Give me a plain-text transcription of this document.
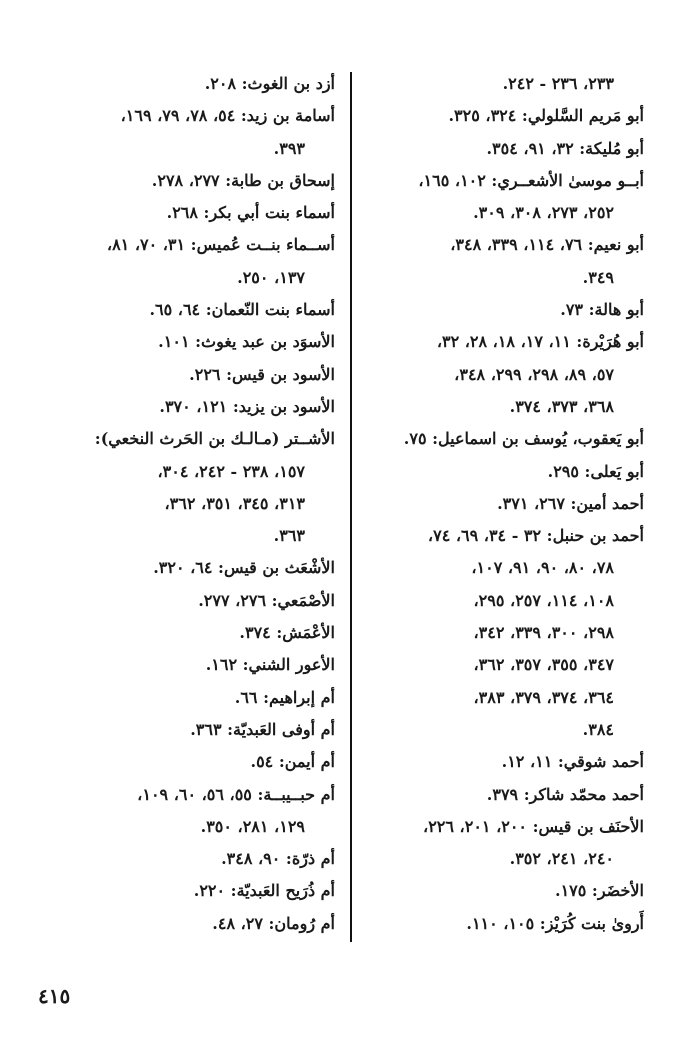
٢٣٣، ٢٣٦ - ٢٤٢.
أبو مَريم السَّلولي: ٣٢٤، ٣٢٥.
أبو مُليكة: ٣٢، ٩١، ٣٥٤.
أبــو موسىٰ الأشعــري: ١٠٢، ١٦٥،
٢٥٢، ٢٧٣، ٣٠٨، ٣٠٩.
أبو نعيم: ٧٦، ١١٤، ٣٣٩، ٣٤٨،
٣٤٩.
أبو هالة: ٧٣.
أبو هُرَيْرة: ١١، ١٧، ١٨، ٢٨، ٣٢،
٥٧، ٨٩، ٢٩٨، ٢٩٩، ٣٤٨،
٣٦٨، ٣٧٣، ٣٧٤.
أبو يَعقوب، يُوسف بن اسماعيل: ٧٥.
أبو يَعلى: ٢٩٥.
أحمد أمين: ٢٦٧، ٣٧١.
أحمد بن حنبل: ٣٢ - ٣٤، ٦٩، ٧٤،
٧٨، ٨٠، ٩٠، ٩١، ١٠٧،
١٠٨، ١١٤، ٢٥٧، ٢٩٥،
٢٩٨، ٣٠٠، ٣٣٩، ٣٤٢،
٣٤٧، ٣٥٥، ٣٥٧، ٣٦٢،
٣٦٤، ٣٧٤، ٣٧٩، ٣٨٣،
٣٨٤.
أحمد شوقي: ١١، ١٢.
أحمد محمّد شاكر: ٣٧٩.
الأحنَف بن قيس: ٢٠٠، ٢٠١، ٢٢٦،
٢٤٠، ٢٤١، ٣٥٢.
الأخضَر: ١٧٥.
أَروىٰ بنت كُرَيْز: ١٠٥، ١١٠.
أزد بن الغوث: ٢٠٨.
أسامة بن زيد: ٥٤، ٧٨، ٧٩، ١٦٩،
٣٩٣.
إسحاق بن طابة: ٢٧٧، ٢٧٨.
أسماء بنت أبي بكر: ٢٦٨.
أســماء بنــت عُميس: ٣١، ٧٠، ٨١،
١٣٧، ٢٥٠.
أسماء بنت النّعمان: ٦٤، ٦٥.
الأسوَد بن عبد يغوث: ١٠١.
الأسود بن قيس: ٢٢٦.
الأسود بن يزيد: ١٢١، ٣٧٠.
الأشــتر (مـالـك بن الحَرث النخعي):
١٥٧، ٢٣٨ - ٢٤٢، ٣٠٤،
٣١٣، ٣٤٥، ٣٥١، ٣٦٢،
٣٦٣.
الأشْعَث بن قيس: ٦٤، ٣٢٠.
الأصْمَعي: ٢٧٦، ٢٧٧.
الأعْمَش: ٣٧٤.
الأعور الشني: ١٦٢.
أم إبراهيم: ٦٦.
أم أوفى العَبديّة: ٣٦٣.
أم أيمن: ٥٤.
أم حبــيبــة: ٥٥، ٥٦، ٦٠، ١٠٩،
١٢٩، ٢٨١، ٣٥٠.
أم ذرّة: ٩٠، ٣٤٨.
أم ذُرَيح العَبديّة: ٢٢٠.
أم رُومان: ٢٧، ٤٨.
٤١٥
